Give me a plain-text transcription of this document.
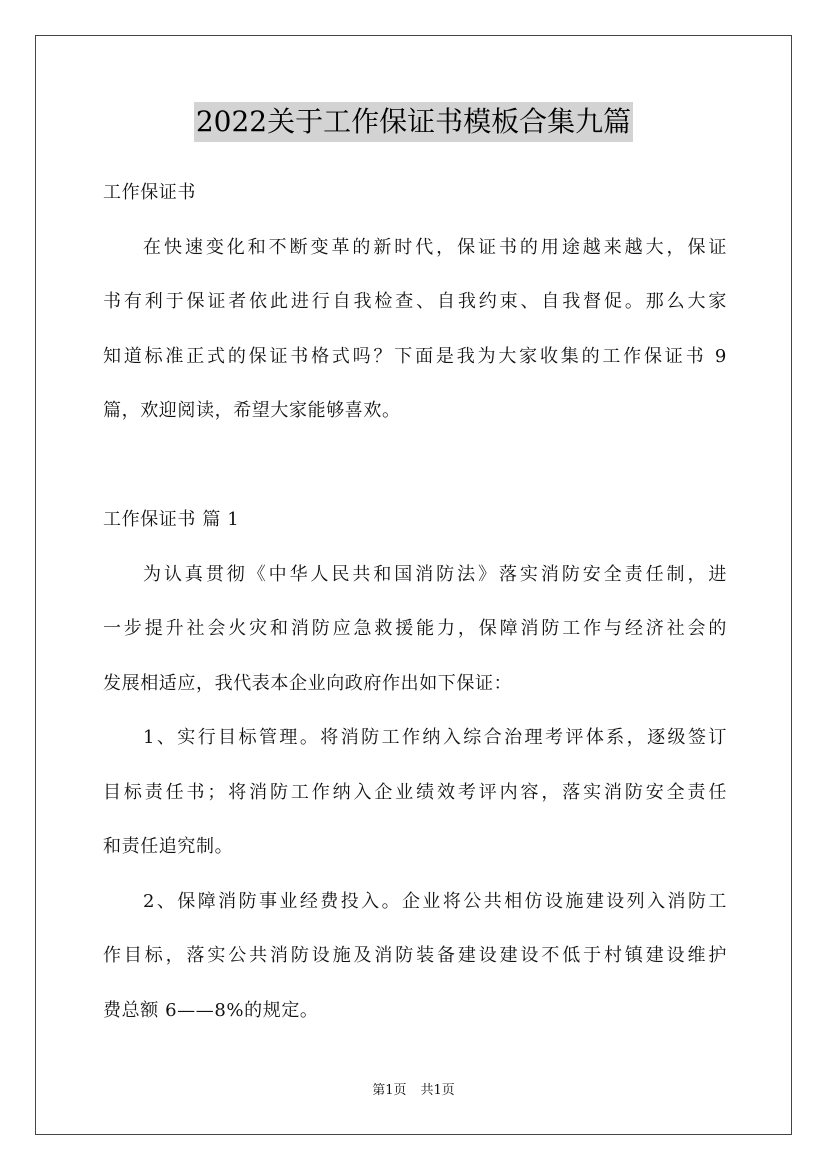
2022关于工作保证书模板合集九篇
工作保证书
在快速变化和不断变革的新时代，保证书的用途越来越大，保证
书有利于保证者依此进行自我检查、自我约束、自我督促。那么大家
知道标准正式的保证书格式吗？下面是我为大家收集的工作保证书 9
篇，欢迎阅读，希望大家能够喜欢。
工作保证书 篇 1
为认真贯彻《中华人民共和国消防法》落实消防安全责任制，进
一步提升社会火灾和消防应急救援能力，保障消防工作与经济社会的
发展相适应，我代表本企业向政府作出如下保证：
1、实行目标管理。将消防工作纳入综合治理考评体系，逐级签订
目标责任书；将消防工作纳入企业绩效考评内容，落实消防安全责任
和责任追究制。
2、保障消防事业经费投入。企业将公共相仿设施建设列入消防工
作目标，落实公共消防设施及消防装备建设建设不低于村镇建设维护
费总额 6——8%的规定。
第1页 共1页
